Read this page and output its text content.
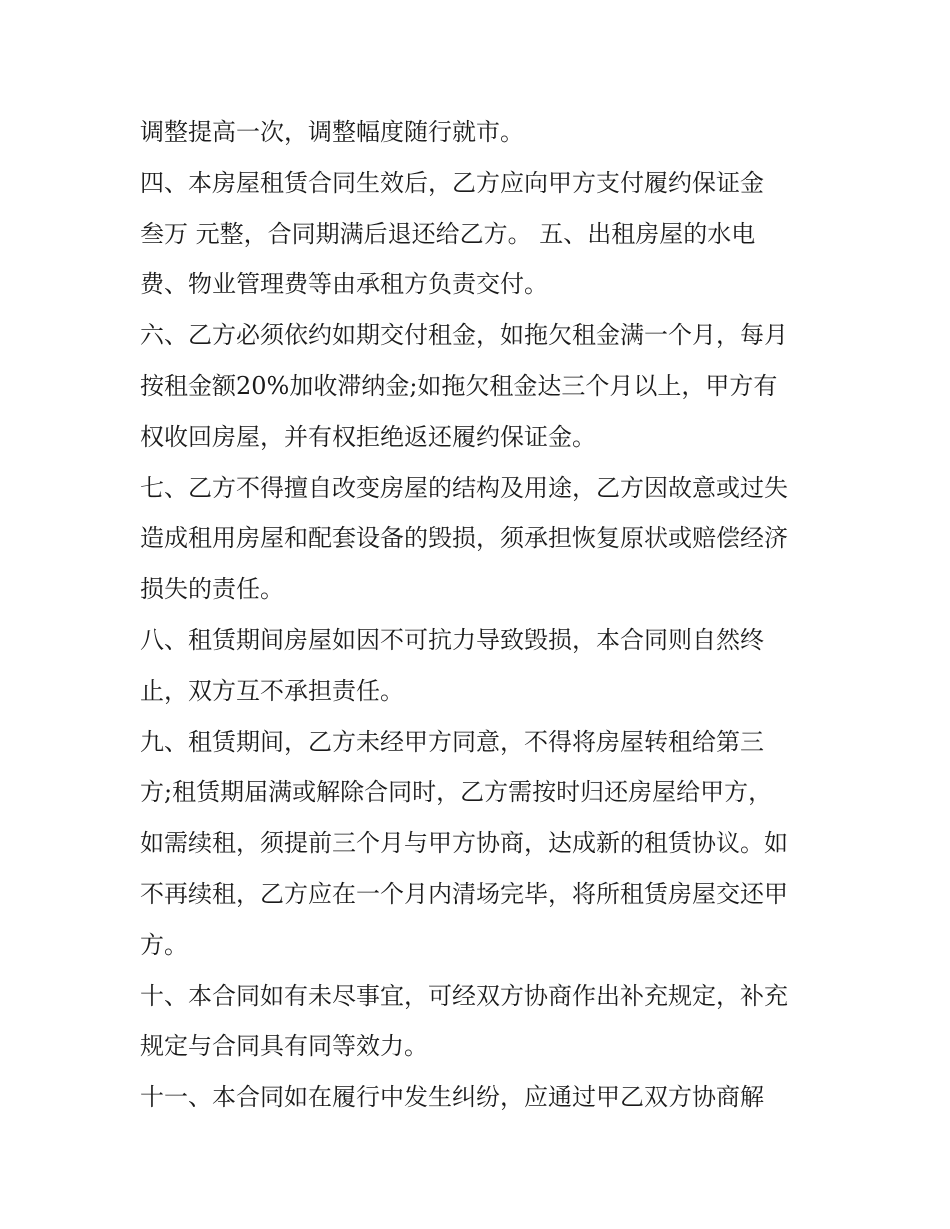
调整提高一次，调整幅度随行就市。
四、本房屋租赁合同生效后，乙方应向甲方支付履约保证金
叁万 元整，合同期满后退还给乙方。 五、出租房屋的水电
费、物业管理费等由承租方负责交付。
六、乙方必须依约如期交付租金，如拖欠租金满一个月，每月
按租金额20%加收滞纳金;如拖欠租金达三个月以上，甲方有
权收回房屋，并有权拒绝返还履约保证金。
七、乙方不得擅自改变房屋的结构及用途，乙方因故意或过失
造成租用房屋和配套设备的毁损，须承担恢复原状或赔偿经济
损失的责任。
八、租赁期间房屋如因不可抗力导致毁损，本合同则自然终
止，双方互不承担责任。
九、租赁期间，乙方未经甲方同意，不得将房屋转租给第三
方;租赁期届满或解除合同时，乙方需按时归还房屋给甲方，
如需续租，须提前三个月与甲方协商，达成新的租赁协议。如
不再续租，乙方应在一个月内清场完毕，将所租赁房屋交还甲
方。
十、本合同如有未尽事宜，可经双方协商作出补充规定，补充
规定与合同具有同等效力。
十一、本合同如在履行中发生纠纷，应通过甲乙双方协商解
